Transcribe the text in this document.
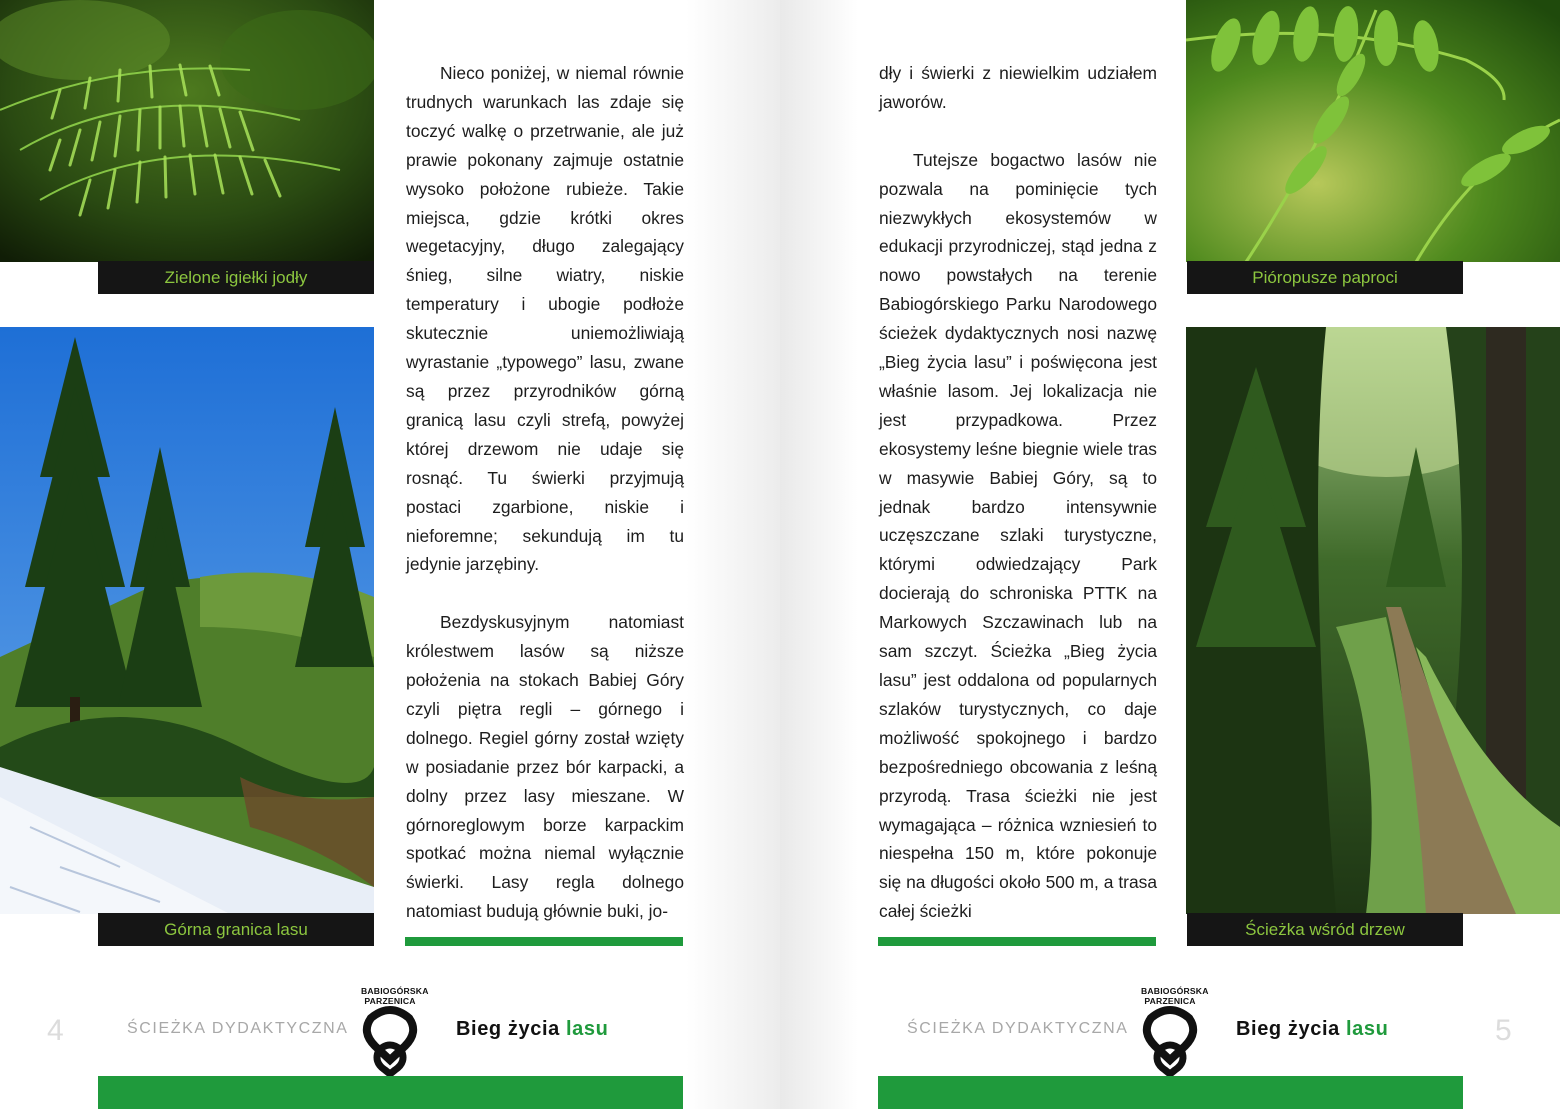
Zielone igiełki jodły
Górna granica lasu

Nieco poniżej, w niemal równie trudnych warunkach las zdaje się toczyć walkę o przetrwanie, ale już prawie pokonany zajmuje ostatnie wysoko położone rubieże. Takie miejsca, gdzie krótki okres wegetacyjny, długo zalegający śnieg, silne wiatry, niskie temperatury i ubogie podłoże skutecznie uniemożliwiają wyrastanie „typowego” lasu, zwane są przez przyrodników górną granicą lasu czyli strefą, powyżej której drzewom nie udaje się rosnąć. Tu świerki przyjmują postaci zgarbione, niskie i nieforemne; sekundują im tu jedynie jarzębiny.

Bezdyskusyjnym natomiast królestwem lasów są niższe położenia na stokach Babiej Góry czyli piętra regli – górnego i dolnego. Regiel górny został wzięty w posiadanie przez bór karpacki, a dolny przez lasy mieszane. W górnoreglowym borze karpackim spotkać można niemal wyłącznie świerki. Lasy regla dolnego natomiast budują głównie buki, jo-

4	ŚCIEŻKA DYDAKTYCZNA
BABIOGÓRSKA
PARZENICA
Bieg życia lasu

dły i świerki z niewielkim udziałem jaworów.

Tutejsze bogactwo lasów nie pozwala na pominięcie tych niezwykłych ekosystemów w edukacji przyrodniczej, stąd jedna z nowo powstałych na terenie Babiogórskiego Parku Narodowego ścieżek dydaktycznych nosi nazwę „Bieg życia lasu” i poświęcona jest właśnie lasom. Jej lokalizacja nie jest przypadkowa. Przez ekosystemy leśne biegnie wiele tras w masywie Babiej Góry, są to jednak bardzo intensywnie uczęszczane szlaki turystyczne, którymi odwiedzający Park docierają do schroniska PTTK na Markowych Szczawinach lub na sam szczyt. Ścieżka „Bieg życia lasu” jest oddalona od popularnych szlaków turystycznych, co daje możliwość spokojnego i bardzo bezpośredniego obcowania z leśną przyrodą. Trasa ścieżki nie jest wymagająca – różnica wzniesień to niespełna 150 m, które pokonuje się na długości około 500 m, a trasa całej ścieżki

Pióropusze paproci
Ścieżka wśród drzew
ŚCIEŻKA DYDAKTYCZNA
BABIOGÓRSKA
PARZENICA
Bieg życia lasu	5
